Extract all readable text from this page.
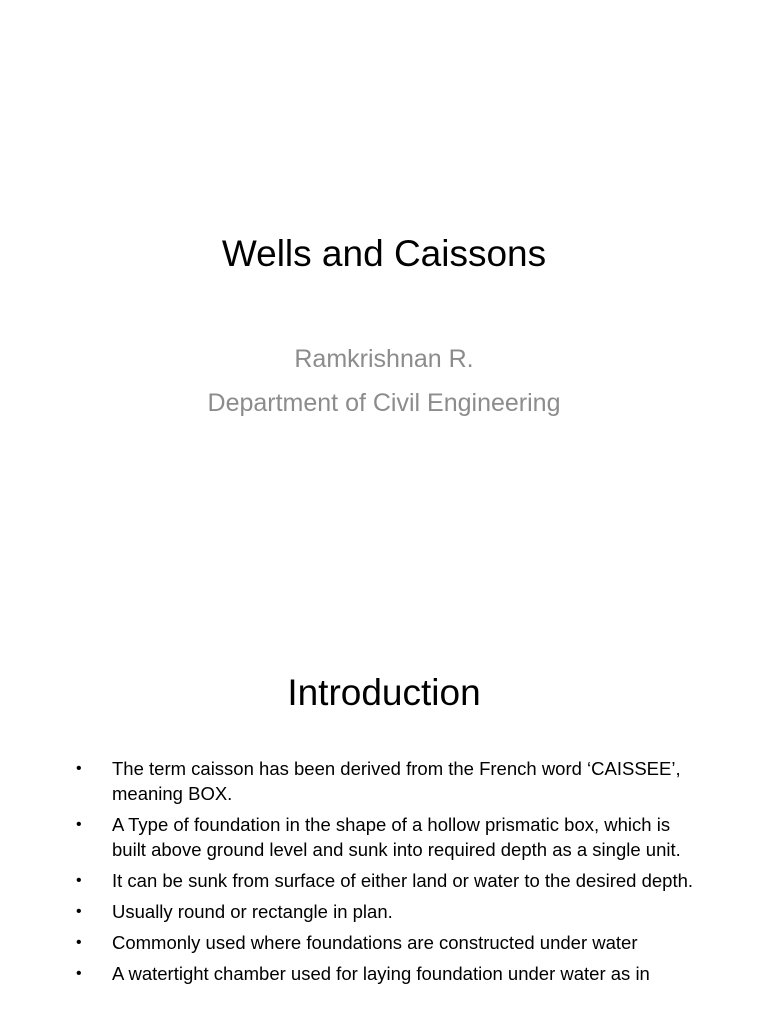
Wells and Caissons
Ramkrishnan R.
Department of Civil Engineering
Introduction
• The term caisson has been derived from the French word ‘CAISSEE’, meaning BOX.
• A Type of foundation in the shape of a hollow prismatic box, which is built above ground level and sunk into required depth as a single unit.
• It can be sunk from surface of either land or water to the desired depth.
• Usually round or rectangle in plan.
• Commonly used where foundations are constructed under water
• A watertight chamber used for laying foundation under water as in
